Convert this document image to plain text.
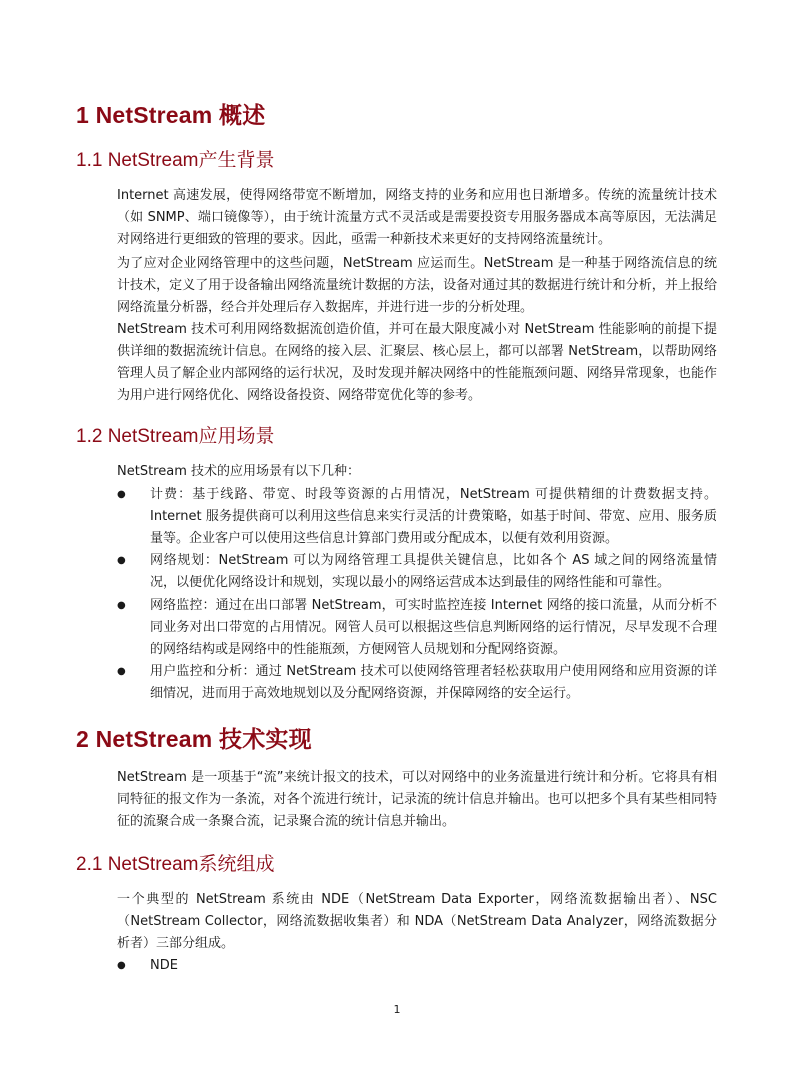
1 NetStream 概述
1.1 NetStream产生背景

Internet 高速发展，使得网络带宽不断增加，网络支持的业务和应用也日渐增多。传统的流量统计技术（如 SNMP、端口镜像等），由于统计流量方式不灵活或是需要投资专用服务器成本高等原因，无法满足对网络进行更细致的管理的要求。因此，亟需一种新技术来更好的支持网络流量统计。

为了应对企业网络管理中的这些问题，NetStream 应运而生。NetStream 是一种基于网络流信息的统计技术，定义了用于设备输出网络流量统计数据的方法，设备对通过其的数据进行统计和分析，并上报给网络流量分析器，经合并处理后存入数据库，并进行进一步的分析处理。

NetStream 技术可利用网络数据流创造价值，并可在最大限度减小对 NetStream 性能影响的前提下提供详细的数据流统计信息。在网络的接入层、汇聚层、核心层上，都可以部署 NetStream，以帮助网络管理人员了解企业内部网络的运行状况，及时发现并解决网络中的性能瓶颈问题、网络异常现象，也能作为用户进行网络优化、网络设备投资、网络带宽优化等的参考。

1.2 NetStream应用场景

NetStream 技术的应用场景有以下几种：

● 计费：基于线路、带宽、时段等资源的占用情况，NetStream 可提供精细的计费数据支持。Internet 服务提供商可以利用这些信息来实行灵活的计费策略，如基于时间、带宽、应用、服务质量等。企业客户可以使用这些信息计算部门费用或分配成本，以便有效利用资源。

● 网络规划：NetStream 可以为网络管理工具提供关键信息，比如各个 AS 域之间的网络流量情况，以便优化网络设计和规划，实现以最小的网络运营成本达到最佳的网络性能和可靠性。

● 网络监控：通过在出口部署 NetStream，可实时监控连接 Internet 网络的接口流量，从而分析不同业务对出口带宽的占用情况。网管人员可以根据这些信息判断网络的运行情况，尽早发现不合理的网络结构或是网络中的性能瓶颈，方便网管人员规划和分配网络资源。

● 用户监控和分析：通过 NetStream 技术可以使网络管理者轻松获取用户使用网络和应用资源的详细情况，进而用于高效地规划以及分配网络资源，并保障网络的安全运行。

2 NetStream 技术实现

NetStream 是一项基于“流”来统计报文的技术，可以对网络中的业务流量进行统计和分析。它将具有相同特征的报文作为一条流，对各个流进行统计，记录流的统计信息并输出。也可以把多个具有某些相同特征的流聚合成一条聚合流，记录聚合流的统计信息并输出。

2.1 NetStream系统组成

一个典型的 NetStream 系统由 NDE（NetStream Data Exporter，网络流数据输出者）、NSC（NetStream Collector，网络流数据收集者）和 NDA（NetStream Data Analyzer，网络流数据分析者）三部分组成。

● NDE

1
